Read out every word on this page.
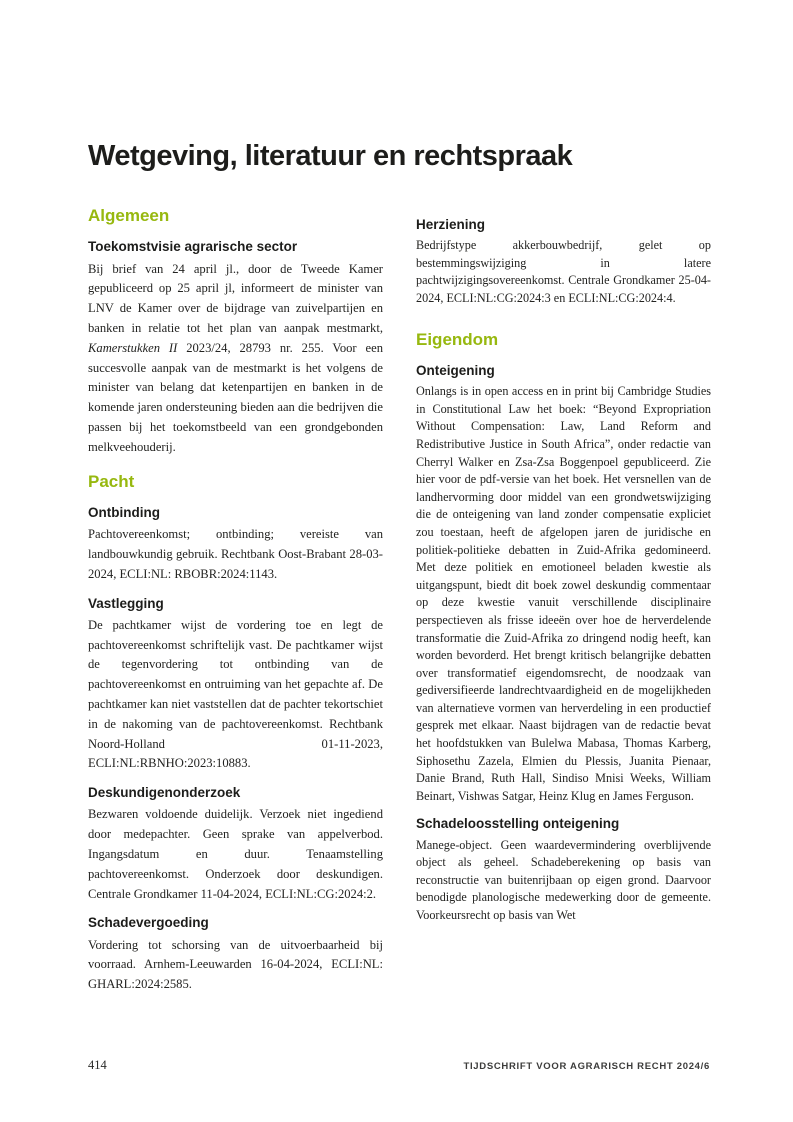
Wetgeving, literatuur en rechtspraak
Algemeen
Toekomstvisie agrarische sector

Bij brief van 24 april jl., door de Tweede Kamer gepubliceerd op 25 april jl, informeert de minister van LNV de Kamer over de bijdrage van zuivelpartijen en banken in relatie tot het plan van aanpak mestmarkt, Kamerstukken II 2023/24, 28793 nr. 255. Voor een succesvolle aanpak van de mestmarkt is het volgens de minister van belang dat ketenpartijen en banken in de komende jaren ondersteuning bieden aan die bedrijven die passen bij het toekomstbeeld van een grondgebonden melkveehouderij.

Pacht
Ontbinding

Pachtovereenkomst; ontbinding; vereiste van landbouwkundig gebruik. Rechtbank Oost-Brabant 28-03-2024, ECLI:NL: RBOBR:2024:1143.

Vastlegging

De pachtkamer wijst de vordering toe en legt de pachtovereenkomst schriftelijk vast. De pachtkamer wijst de tegenvordering tot ontbinding van de pachtovereenkomst en ontruiming van het gepachte af. De pachtkamer kan niet vaststellen dat de pachter tekortschiet in de nakoming van de pachtovereenkomst. Rechtbank Noord-Holland 01-11-2023, ECLI:NL:RBNHO:2023:10883.

Deskundigenonderzoek

Bezwaren voldoende duidelijk. Verzoek niet ingediend door medepachter. Geen sprake van appelverbod. Ingangsdatum en duur. Tenaamstelling pachtovereenkomst. Onderzoek door deskundigen. Centrale Grondkamer 11-04-2024, ECLI:NL:CG:2024:2.

Schadevergoeding

Vordering tot schorsing van de uitvoerbaarheid bij voorraad. Arnhem-Leeuwarden 16-04-2024, ECLI:NL: GHARL:2024:2585.

Herziening

Bedrijfstype akkerbouwbedrijf, gelet op bestemmingswijziging in latere pachtwijzigingsovereenkomst. Centrale Grondkamer 25-04-2024, ECLI:NL:CG:2024:3 en ECLI:NL:CG:2024:4.

Eigendom
Onteigening

Onlangs is in open access en in print bij Cambridge Studies in Constitutional Law het boek: “Beyond Expropriation Without Compensation: Law, Land Reform and Redistributive Justice in South Africa”, onder redactie van Cherryl Walker en Zsa-Zsa Boggenpoel gepubliceerd. Zie hier voor de pdf-versie van het boek. Het versnellen van de landhervorming door middel van een grondwetswijziging die de onteigening van land zonder compensatie expliciet zou toestaan, heeft de afgelopen jaren de juridische en politiek-politieke debatten in Zuid-Afrika gedomineerd. Met deze politiek en emotioneel beladen kwestie als uitgangspunt, biedt dit boek zowel deskundig commentaar op deze kwestie vanuit verschillende disciplinaire perspectieven als frisse ideeën over hoe de herverdelende transformatie die Zuid-Afrika zo dringend nodig heeft, kan worden bevorderd. Het brengt kritisch belangrijke debatten over transformatief eigendomsrecht, de noodzaak van gediversifieerde landrechtvaardigheid en de mogelijkheden van alternatieve vormen van herverdeling in een productief gesprek met elkaar. Naast bijdragen van de redactie bevat het hoofdstukken van Bulelwa Mabasa, Thomas Karberg, Siphosethu Zazela, Elmien du Plessis, Juanita Pienaar, Danie Brand, Ruth Hall, Sindiso Mnisi Weeks, William Beinart, Vishwas Satgar, Heinz Klug en James Ferguson.

Schadeloosstelling onteigening

Manege-object. Geen waardevermindering overblijvende object als geheel. Schadeberekening op basis van reconstructie van buitenrijbaan op eigen grond. Daarvoor benodigde planologische medewerking door de gemeente. Voorkeursrecht op basis van Wet

414	TIJDSCHRIFT VOOR AGRARISCH RECHT 2024/6
